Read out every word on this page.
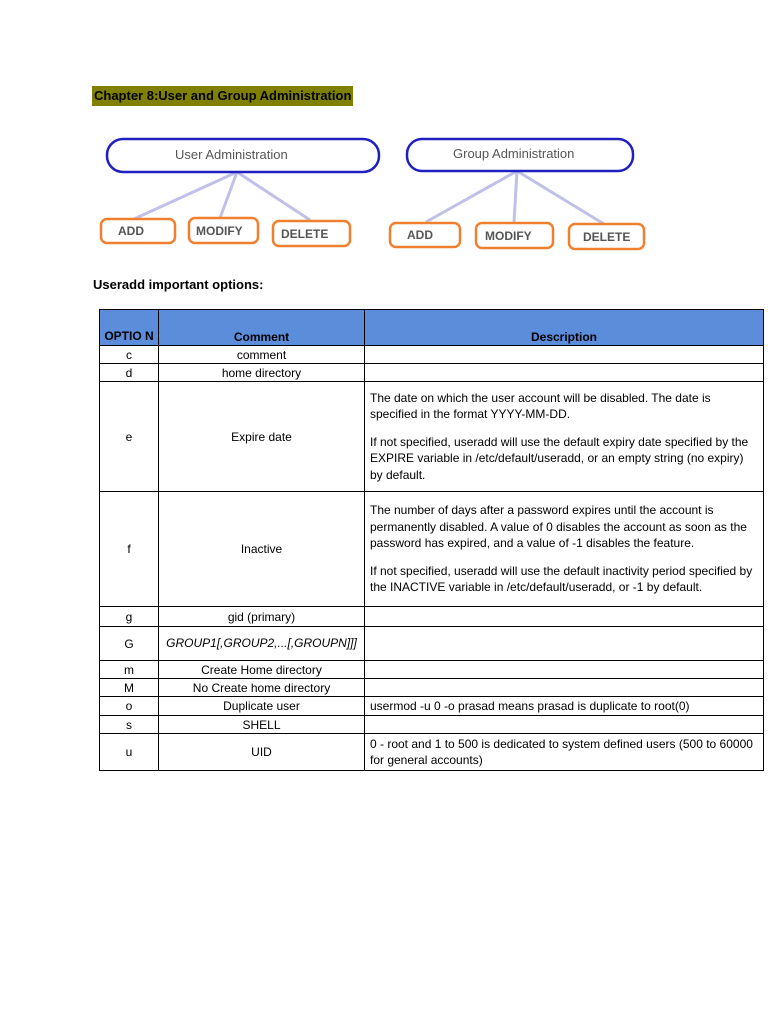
Chapter 8:User and Group Administration
User Administration	Group Administration
ADD	MODIFY	DELETE	ADD	MODIFY	DELETE
Useradd important options:
OPTIO N	Comment	Description
c	comment	
d	home directory	
e	Expire date	The date on which the user account will be disabled. The date is specified in the format YYYY-MM-DD.
If not specified, useradd will use the default expiry date specified by the EXPIRE variable in /etc/default/useradd, or an empty string (no expiry) by default.

f	Inactive	The number of days after a password expires until the account is permanently disabled. A value of 0 disables the account as soon as the password has expired, and a value of -1 disables the feature.
If not specified, useradd will use the default inactivity period specified by the INACTIVE variable in /etc/default/useradd, or -1 by default.

g	gid (primary)	
G	GROUP1[,GROUP2,...[,GROUPN]]]	
m	Create Home directory	
M	No Create home directory	
o	Duplicate user	usermod -u 0 -o prasad means prasad is duplicate to root(0)

s	SHELL	
u	UID	0 - root and 1 to 500 is dedicated to system defined users (500 to 60000 for general accounts)
